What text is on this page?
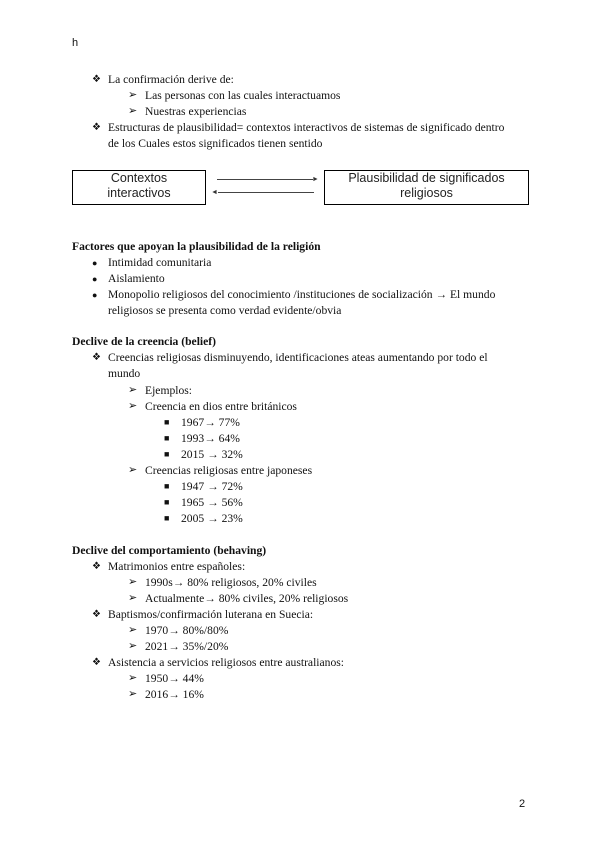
h
❖ La confirmación derive de:
➢ Las personas con las cuales interactuamos
➢ Nuestras experiencias
❖ Estructuras de plausibilidad= contextos interactivos de sistemas de significado dentro
de los Cuales estos significados tienen sentido
Contextos
interactivos
Plausibilidad de significados
religiosos
►
◄
Factores que apoyan la plausibilidad de la religión
● Intimidad comunitaria
● Aislamiento
● Monopolio religiosos del conocimiento /instituciones de socialización → El mundo
religiosos se presenta como verdad evidente/obvia
Declive de la creencia (belief)
❖ Creencias religiosas disminuyendo, identificaciones ateas aumentando por todo el
mundo
➢ Ejemplos:
➢ Creencia en dios entre británicos
■ 1967→ 77%
■ 1993→ 64%
■ 2015 → 32%
➢ Creencias religiosas entre japoneses
■ 1947 → 72%
■ 1965 → 56%
■ 2005 → 23%
Declive del comportamiento (behaving)
❖ Matrimonios entre españoles:
➢ 1990s→ 80% religiosos, 20% civiles
➢ Actualmente→ 80% civiles, 20% religiosos
❖ Baptismos/confirmación luterana en Suecia:
➢ 1970→ 80%/80%
➢ 2021→ 35%/20%
❖ Asistencia a servicios religiosos entre australianos:
➢ 1950→ 44%
➢ 2016→ 16%
2
